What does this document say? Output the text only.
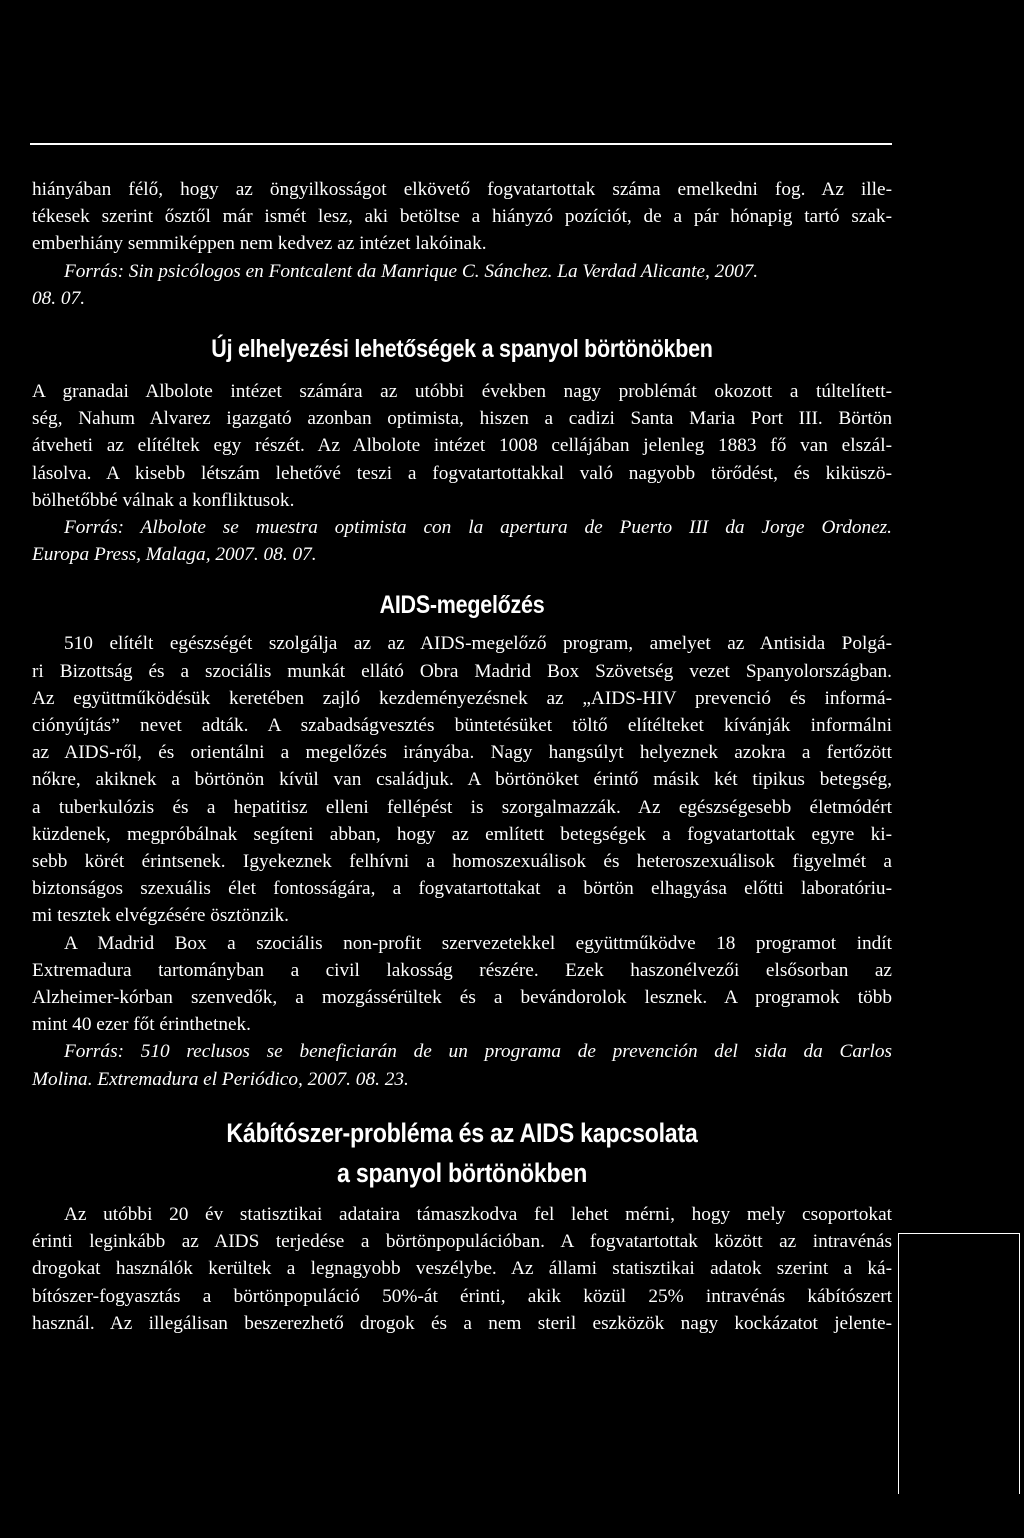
hiányában félő, hogy az öngyilkosságot elkövető fogvatartottak száma emelkedni fog. Az ille-
tékesek szerint ősztől már ismét lesz, aki betöltse a hiányzó pozíciót, de a pár hónapig tartó szak-
emberhiány semmiképpen nem kedvez az intézet lakóinak.
Forrás: Sin psicólogos en Fontcalent da Manrique C. Sánchez. La Verdad Alicante, 2007.
08. 07.
Új elhelyezési lehetőségek a spanyol börtönökben
A granadai Albolote intézet számára az utóbbi években nagy problémát okozott a túltelített-
ség, Nahum Alvarez igazgató azonban optimista, hiszen a cadizi Santa Maria Port III. Börtön
átveheti az elítéltek egy részét. Az Albolote intézet 1008 cellájában jelenleg 1883 fő van elszál-
lásolva. A kisebb létszám lehetővé teszi a fogvatartottakkal való nagyobb törődést, és kiküszö-
bölhetőbbé válnak a konfliktusok.
Forrás: Albolote se muestra optimista con la apertura de Puerto III da Jorge Ordonez.
Europa Press, Malaga, 2007. 08. 07.
AIDS-megelőzés
510 elítélt egészségét szolgálja az az AIDS-megelőző program, amelyet az Antisida Polgá-
ri Bizottság és a szociális munkát ellátó Obra Madrid Box Szövetség vezet Spanyolországban.
Az együttműködésük keretében zajló kezdeményezésnek az „AIDS-HIV prevenció és informá-
ciónyújtás” nevet adták. A szabadságvesztés büntetésüket töltő elítélteket kívánják informálni
az AIDS-ről, és orientálni a megelőzés irányába. Nagy hangsúlyt helyeznek azokra a fertőzött
nőkre, akiknek a börtönön kívül van családjuk. A börtönöket érintő másik két tipikus betegség,
a tuberkulózis és a hepatitisz elleni fellépést is szorgalmazzák. Az egészségesebb életmódért
küzdenek, megpróbálnak segíteni abban, hogy az említett betegségek a fogvatartottak egyre ki-
sebb körét érintsenek. Igyekeznek felhívni a homoszexuálisok és heteroszexuálisok figyelmét a
biztonságos szexuális élet fontosságára, a fogvatartottakat a börtön elhagyása előtti laboratóriu-
mi tesztek elvégzésére ösztönzik.
A Madrid Box a szociális non-profit szervezetekkel együttműködve 18 programot indít
Extremadura tartományban a civil lakosság részére. Ezek haszonélvezői elsősorban az
Alzheimer-kórban szenvedők, a mozgássérültek és a bevándorolok lesznek. A programok több
mint 40 ezer főt érinthetnek.
Forrás: 510 reclusos se beneficiarán de un programa de prevención del sida da Carlos
Molina. Extremadura el Periódico, 2007. 08. 23.
Kábítószer-probléma és az AIDS kapcsolata
a spanyol börtönökben
Az utóbbi 20 év statisztikai adataira támaszkodva fel lehet mérni, hogy mely csoportokat
érinti leginkább az AIDS terjedése a börtönpopulációban. A fogvatartottak között az intravénás
drogokat használók kerültek a legnagyobb veszélybe. Az állami statisztikai adatok szerint a ká-
bítószer-fogyasztás a börtönpopuláció 50%-át érinti, akik közül 25% intravénás kábítószert
használ. Az illegálisan beszerezhető drogok és a nem steril eszközök nagy kockázatot jelente-
